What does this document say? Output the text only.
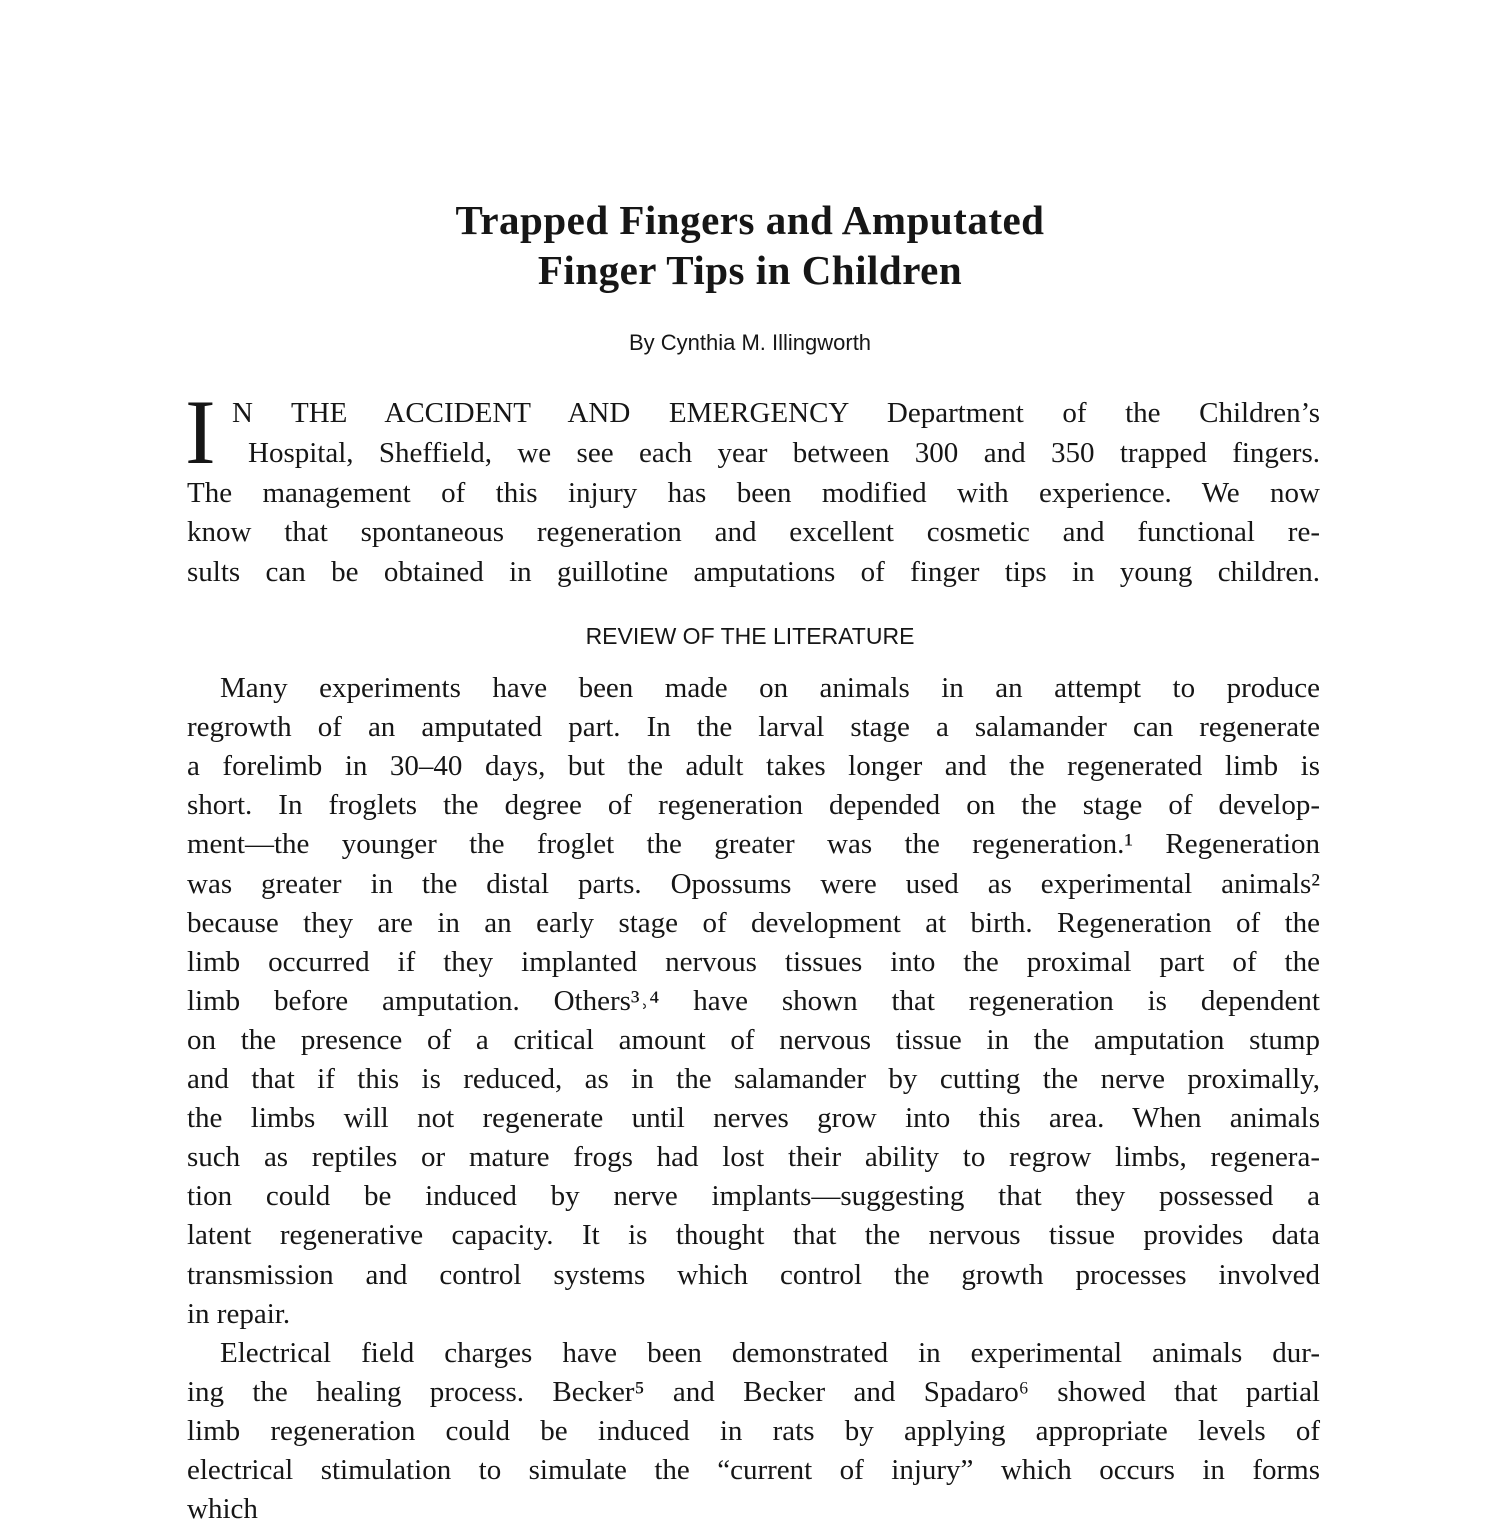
Trapped Fingers and Amputated
Finger Tips in Children
By Cynthia M. Illingworth
I N THE ACCIDENT AND EMERGENCY Department of the Children’s
Hospital, Sheffield, we see each year between 300 and 350 trapped fingers.
The management of this injury has been modified with experience. We now
know that spontaneous regeneration and excellent cosmetic and functional re-
sults can be obtained in guillotine amputations of finger tips in young children.
REVIEW OF THE LITERATURE
Many experiments have been made on animals in an attempt to produce
regrowth of an amputated part. In the larval stage a salamander can regenerate
a forelimb in 30–40 days, but the adult takes longer and the regenerated limb is
short. In froglets the degree of regeneration depended on the stage of develop-
ment—the younger the froglet the greater was the regeneration.¹ Regeneration
was greater in the distal parts. Opossums were used as experimental animals²
because they are in an early stage of development at birth. Regeneration of the
limb occurred if they implanted nervous tissues into the proximal part of the
limb before amputation. Others³˒⁴ have shown that regeneration is dependent
on the presence of a critical amount of nervous tissue in the amputation stump
and that if this is reduced, as in the salamander by cutting the nerve proximally,
the limbs will not regenerate until nerves grow into this area. When animals
such as reptiles or mature frogs had lost their ability to regrow limbs, regenera-
tion could be induced by nerve implants—suggesting that they possessed a
latent regenerative capacity. It is thought that the nervous tissue provides data
transmission and control systems which control the growth processes involved
in repair.
Electrical field charges have been demonstrated in experimental animals dur-
ing the healing process. Becker⁵ and Becker and Spadaro⁶ showed that partial
limb regeneration could be induced in rats by applying appropriate levels of
electrical stimulation to simulate the “current of injury” which occurs in forms
which
